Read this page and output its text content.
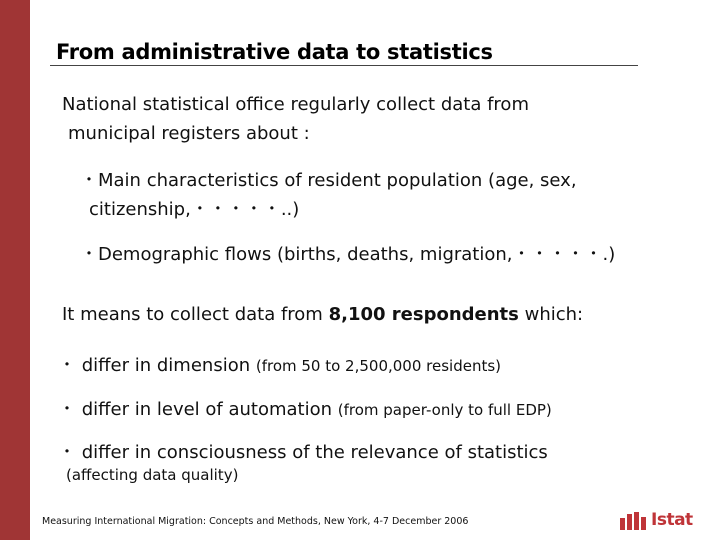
From administrative data to statistics

National statistical office regularly collect data from

municipal registers about :

・Main characteristics of resident population (age, sex,

citizenship,・・・・・..)

・Demographic flows (births, deaths, migration,・・・・・.)

It means to collect data from 8,100 respondents which:

・ differ in dimension (from 50 to 2,500,000 residents)

・ differ in level of automation (from paper-only to full EDP)

・ differ in consciousness of the relevance of statistics

(affecting data quality)

Measuring International Migration: Concepts and Methods, New York, 4-7 December 2006	Istat
